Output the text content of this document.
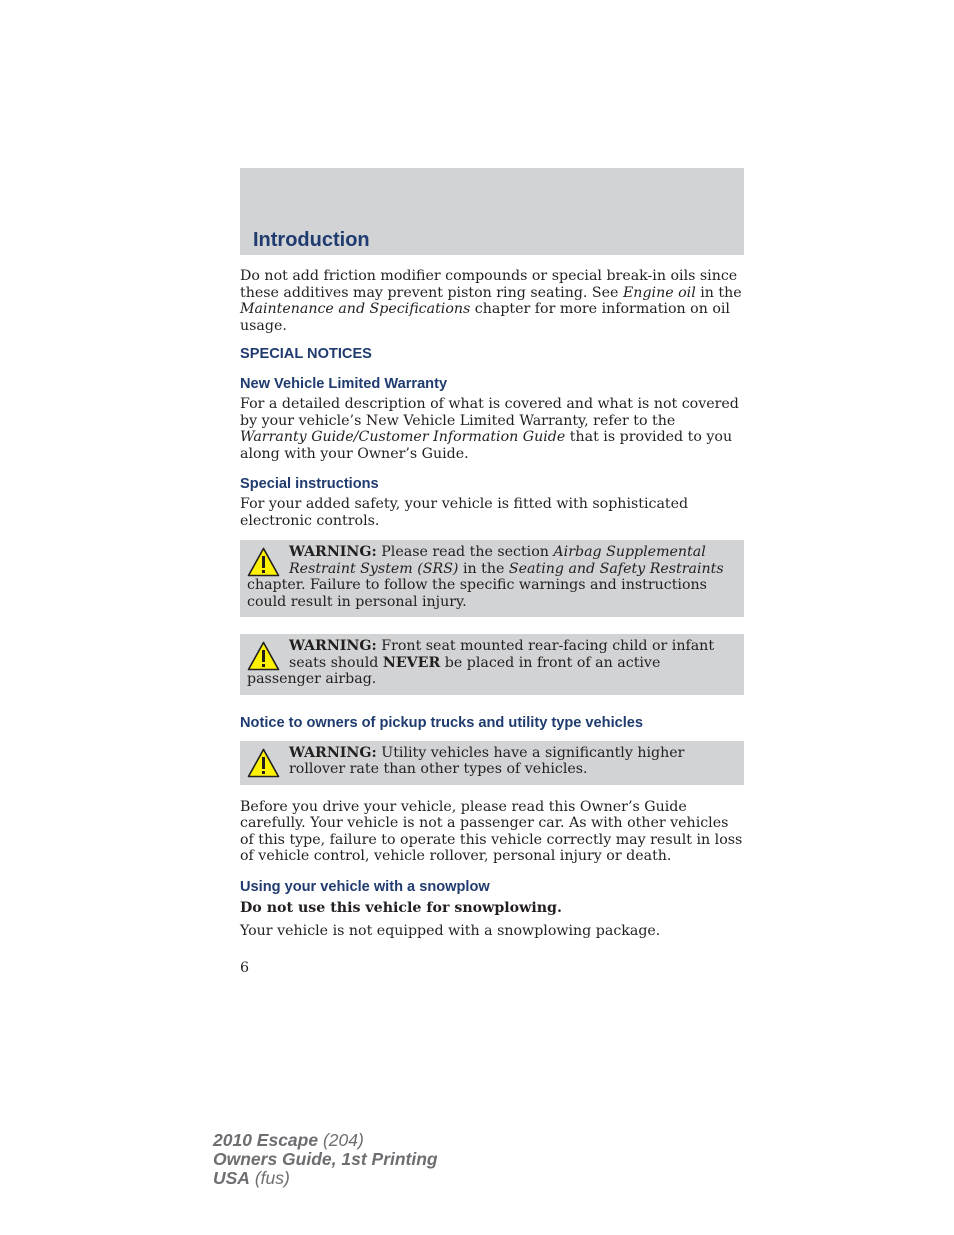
Introduction

Do not add friction modifier compounds or special break-in oils since these additives may prevent piston ring seating. See Engine oil in the Maintenance and Specifications chapter for more information on oil usage.

SPECIAL NOTICES
New Vehicle Limited Warranty

For a detailed description of what is covered and what is not covered by your vehicle’s New Vehicle Limited Warranty, refer to the Warranty Guide/Customer Information Guide that is provided to you along with your Owner’s Guide.

Special instructions

For your added safety, your vehicle is fitted with sophisticated electronic controls.

WARNING: Please read the section Airbag Supplemental Restraint System (SRS) in the Seating and Safety Restraints chapter. Failure to follow the specific warnings and instructions could result in personal injury.
WARNING: Front seat mounted rear-facing child or infant seats should NEVER be placed in front of an active passenger airbag.
Notice to owners of pickup trucks and utility type vehicles
WARNING: Utility vehicles have a significantly higher rollover rate than other types of vehicles.

Before you drive your vehicle, please read this Owner’s Guide carefully. Your vehicle is not a passenger car. As with other vehicles of this type, failure to operate this vehicle correctly may result in loss of vehicle control, vehicle rollover, personal injury or death.

Using your vehicle with a snowplow

Do not use this vehicle for snowplowing.

Your vehicle is not equipped with a snowplowing package.

6
2010 Escape (204)
Owners Guide, 1st Printing
USA (fus)
